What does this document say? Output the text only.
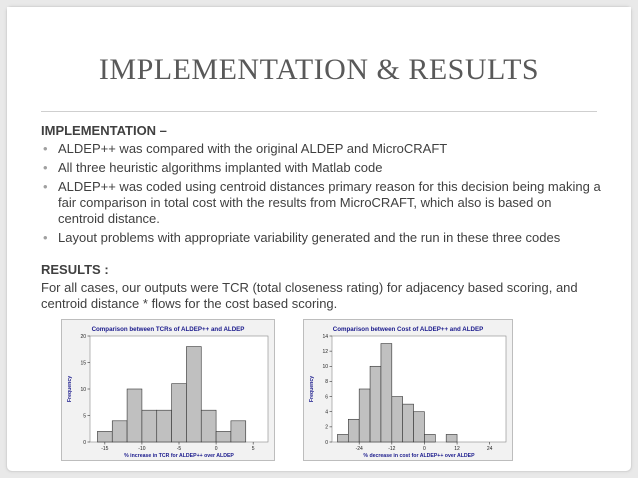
IMPLEMENTATION & RESULTS
IMPLEMENTATION –
• ALDEP++ was compared with the original ALDEP and MicroCRAFT
• All three heuristic algorithms implanted with Matlab code
• ALDEP++ was coded using centroid distances primary reason for this decision being making a fair comparison in total cost with the results from MicroCRAFT, which also is based on centroid distance.
• Layout problems with appropriate variability generated and the run in these three codes
RESULTS :

For all cases, our outputs were TCR (total closeness rating) for adjacency based scoring, and centroid distance * flows for the cost based scoring.

Comparison between TCRs of ALDEP++ and ALDEP
-15	-10	-5	0	5
0
5
10
15
20
% increase in TCR for ALDEP++ over ALDEP
Frequency
Comparison between Cost of ALDEP++ and ALDEP
-24	-12	0	12	24
0
2
4
6
8
10
12
14
% decrease in cost for ALDEP++ over ALDEP
Frequency
